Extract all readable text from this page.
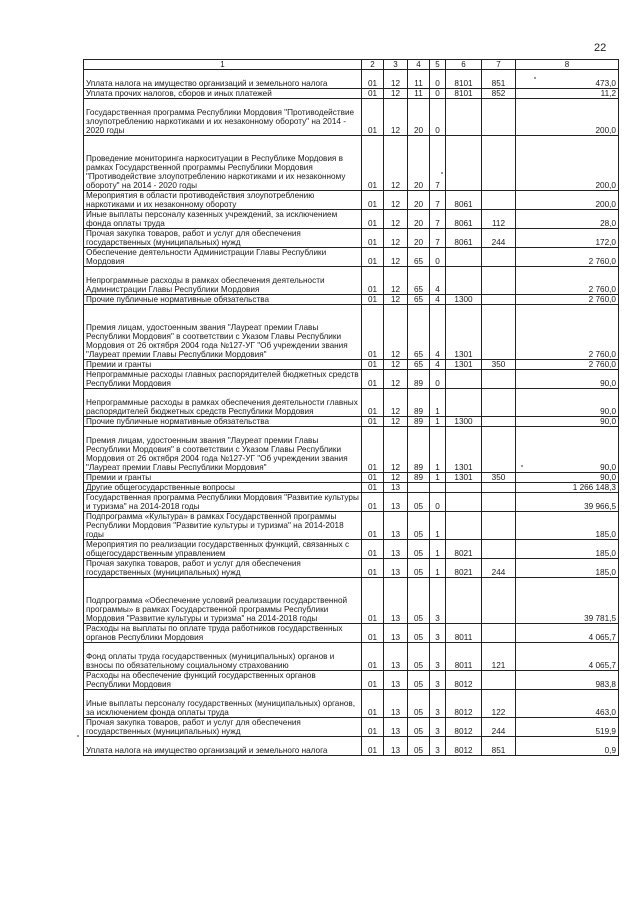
22
1	2	3	4	5	6	7	8
Уплата налога на имущество организаций и земельного налога	01	12	11	0	8101	851	473,0
Уплата прочих налогов, сборов и иных платежей	01	12	11	0	8101	852	11,2
Государственная программа Республики Мордовия "Противодействие злоупотреблению наркотиками и их незаконному обороту" на 2014 - 2020 годы	01	12	20	0			200,0
Проведение мониторинга наркоситуации в Республике Мордовия в рамках Государственной программы Республики Мордовия "Противодействие злоупотреблению наркотиками и их незаконному обороту" на 2014 - 2020 годы	01	12	20	7			200,0
Мероприятия в области противодействия злоупотреблению наркотиками и их незаконному обороту	01	12	20	7	8061		200,0
Иные выплаты персоналу казенных учреждений, за исключением фонда оплаты труда	01	12	20	7	8061	112	28,0
Прочая закупка товаров, работ и услуг для обеспечения государственных (муниципальных) нужд	01	12	20	7	8061	244	172,0
Обеспечение деятельности Администрации Главы Республики Мордовия	01	12	65	0			2 760,0
Непрограммные расходы в рамках обеспечения деятельности Администрации Главы Республики Мордовия	01	12	65	4			2 760,0
Прочие публичные нормативные обязательства	01	12	65	4	1300		2 760,0
Премия лицам, удостоенным звания "Лауреат премии Главы Республики Мордовия" в соответствии с Указом Главы Республики Мордовия от 26 октября 2004 года №127-УГ "Об учреждении звания "Лауреат премии Главы Республики Мордовия"	01	12	65	4	1301		2 760,0
Премии и гранты	01	12	65	4	1301	350	2 760,0
Непрограммные расходы главных распорядителей бюджетных средств Республики Мордовия	01	12	89	0			90,0
Непрограммные расходы в рамках обеспечения деятельности главных распорядителей бюджетных средств Республики Мордовия	01	12	89	1			90,0
Прочие публичные нормативные обязательства	01	12	89	1	1300		90,0
Премия лицам, удостоенным звания "Лауреат премии Главы Республики Мордовия" в соответствии с Указом Главы Республики Мордовия от 26 октября 2004 года №127-УГ "Об учреждении звания "Лауреат премии Главы Республики Мордовия"	01	12	89	1	1301		90,0
Премии и гранты	01	12	89	1	1301	350	90,0
Другие общегосударственные вопросы	01	13					1 266 148,3
Государственная программа Республики Мордовия "Развитие культуры и туризма" на 2014-2018 годы	01	13	05	0			39 966,5
Подпрограмма «Культура» в рамках Государственной программы Республики Мордовия "Развитие культуры и туризма" на 2014-2018 годы	01	13	05	1			185,0
Мероприятия по реализации государственных функций, связанных с общегосударственным управлением	01	13	05	1	8021		185,0
Прочая закупка товаров, работ и услуг для обеспечения государственных (муниципальных) нужд	01	13	05	1	8021	244	185,0
Подпрограмма «Обеспечение условий реализации государственной программы» в рамках Государственной программы Республики Мордовия "Развитие культуры и туризма" на 2014-2018 годы	01	13	05	3			39 781,5
Расходы на выплаты по оплате труда работников государственных органов Республики Мордовия	01	13	05	3	8011		4 065,7
Фонд оплаты труда государственных (муниципальных) органов и взносы по обязательному социальному страхованию	01	13	05	3	8011	121	4 065,7
Расходы на обеспечение функций государственных органов Республики Мордовия	01	13	05	3	8012		983,8
Иные выплаты персоналу государственных (муниципальных) органов, за исключением фонда оплаты труда	01	13	05	3	8012	122	463,0
Прочая закупка товаров, работ и услуг для обеспечения государственных (муниципальных) нужд	01	13	05	3	8012	244	519,9
Уплата налога на имущество организаций и земельного налога	01	13	05	3	8012	851	0,9
